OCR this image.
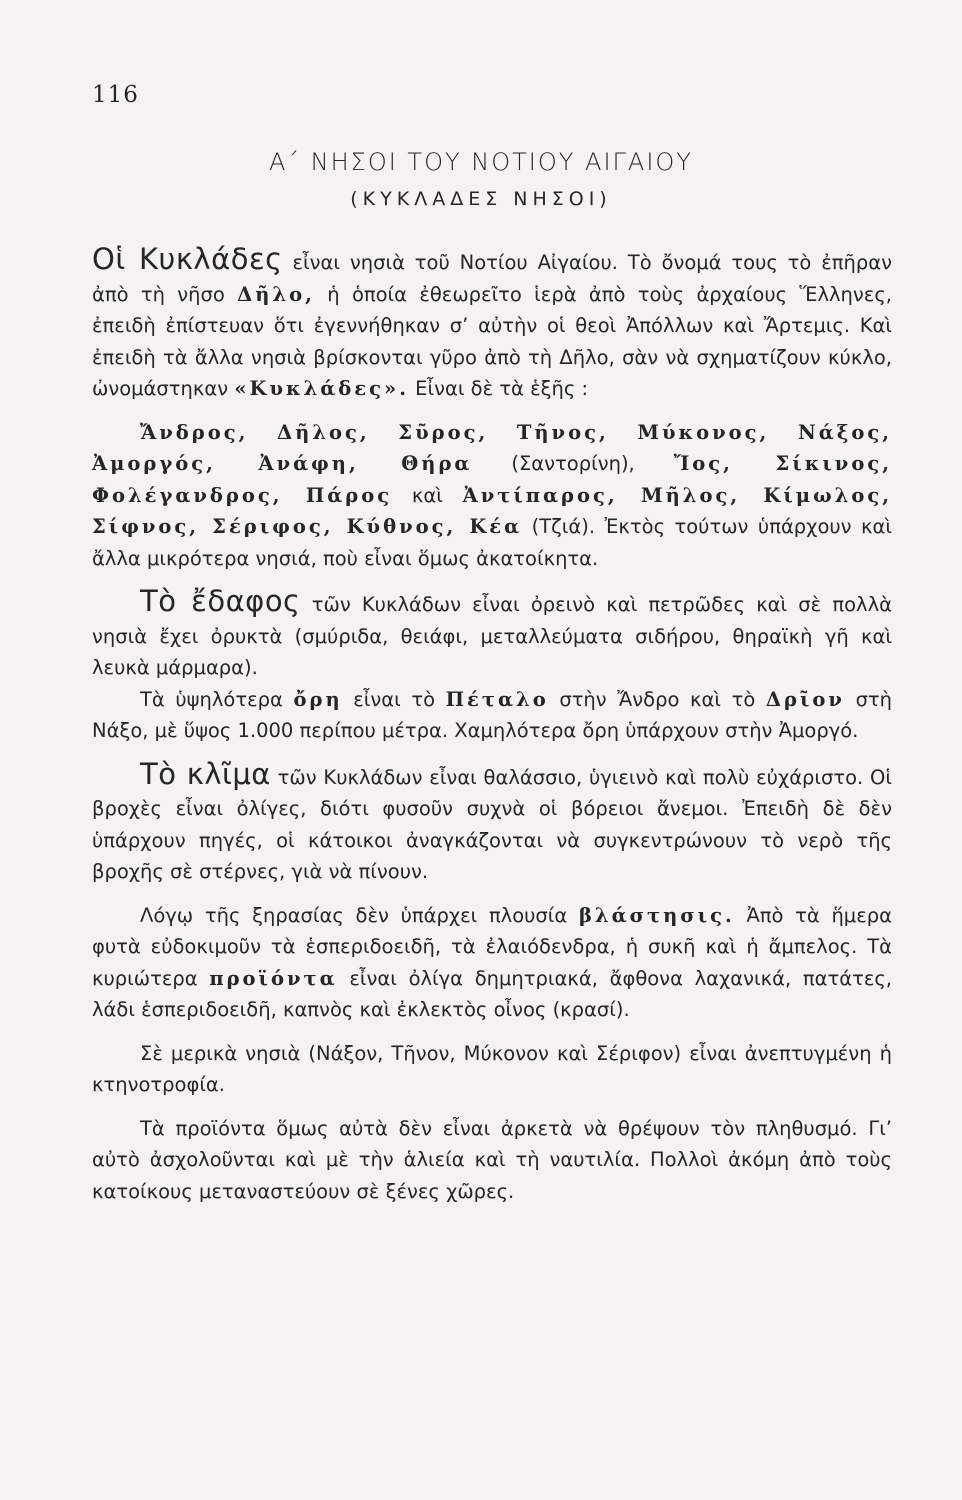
116
Α΄ ΝΗΣΟΙ ΤΟΥ ΝΟΤΙΟΥ ΑΙΓΑΙΟΥ
(ΚΥΚΛΑΔΕΣ ΝΗΣΟΙ)

Οἱ Κυκλάδες εἶναι νησιὰ τοῦ Νοτίου Αἰγαίου. Τὸ ὄνομά τους τὸ ἐπῆραν ἀπὸ τὴ νῆσο Δῆλο, ἡ ὁποία ἐθεωρεῖτο ἱερὰ ἀπὸ τοὺς ἀρχαίους Ἕλληνες, ἐπειδὴ ἐπίστευαν ὅτι ἐγεννήθηκαν σ’ αὐτὴν οἱ θεοὶ Ἀπόλλων καὶ Ἄρτεμις. Καὶ ἐπειδὴ τὰ ἄλλα νησιὰ βρίσκονται γῦρο ἀπὸ τὴ Δῆλο, σὰν νὰ σχηματίζουν κύκλο, ὠνομάστηκαν «Κυκλάδες». Εἶναι δὲ τὰ ἑξῆς :

Ἄνδρος, Δῆλος, Σῦρος, Τῆνος, Μύκονος, Νάξος, Ἀμοργός, Ἀνάφη, Θήρα (Σαντορίνη), Ἴος, Σίκινος, Φολέγανδρος, Πάρος καὶ Ἀντίπαρος, Μῆλος, Κίμωλος, Σίφνος, Σέριφος, Κύθνος, Κέα (Τζιά). Ἐκτὸς τούτων ὑπάρχουν καὶ ἄλλα μικρότερα νησιά, ποὺ εἶναι ὅμως ἀκατοίκητα.

Τὸ ἔδαφος τῶν Κυκλάδων εἶναι ὀρεινὸ καὶ πετρῶδες καὶ σὲ πολλὰ νησιὰ ἔχει ὀρυκτὰ (σμύριδα, θειάφι, μεταλλεύματα σιδήρου, θηραϊκὴ γῆ καὶ λευκὰ μάρμαρα).

Τὰ ὑψηλότερα ὄρη εἶναι τὸ Πέταλο στὴν Ἄνδρο καὶ τὸ Δρῖον στὴ Νάξο, μὲ ὕψος 1.000 περίπου μέτρα. Χαμηλότερα ὄρη ὑπάρχουν στὴν Ἀμοργό.

Τὸ κλῖμα τῶν Κυκλάδων εἶναι θαλάσσιο, ὑγιεινὸ καὶ πολὺ εὐχάριστο. Οἱ βροχὲς εἶναι ὀλίγες, διότι φυσοῦν συχνὰ οἱ βόρειοι ἄνεμοι. Ἐπειδὴ δὲ δὲν ὑπάρχουν πηγές, οἱ κάτοικοι ἀναγκάζονται νὰ συγκεντρώνουν τὸ νερὸ τῆς βροχῆς σὲ στέρνες, γιὰ νὰ πίνουν.

Λόγῳ τῆς ξηρασίας δὲν ὑπάρχει πλουσία βλάστησις. Ἀπὸ τὰ ἥμερα φυτὰ εὐδοκιμοῦν τὰ ἑσπεριδοειδῆ, τὰ ἐλαιόδενδρα, ἡ συκῆ καὶ ἡ ἄμπελος. Τὰ κυριώτερα προϊόντα εἶναι ὀλίγα δημητριακά, ἄφθονα λαχανικά, πατάτες, λάδι ἑσπεριδοειδῆ, καπνὸς καὶ ἐκλεκτὸς οἶνος (κρασί).

Σὲ μερικὰ νησιὰ (Νάξον, Τῆνον, Μύκονον καὶ Σέριφον) εἶναι ἀνεπτυγμένη ἡ κτηνοτροφία.

Τὰ προϊόντα ὅμως αὐτὰ δὲν εἶναι ἀρκετὰ νὰ θρέψουν τὸν πληθυσμό. Γι’ αὐτὸ ἀσχολοῦνται καὶ μὲ τὴν ἁλιεία καὶ τὴ ναυτιλία. Πολλοὶ ἀκόμη ἀπὸ τοὺς κατοίκους μεταναστεύουν σὲ ξένες χῶρες.
